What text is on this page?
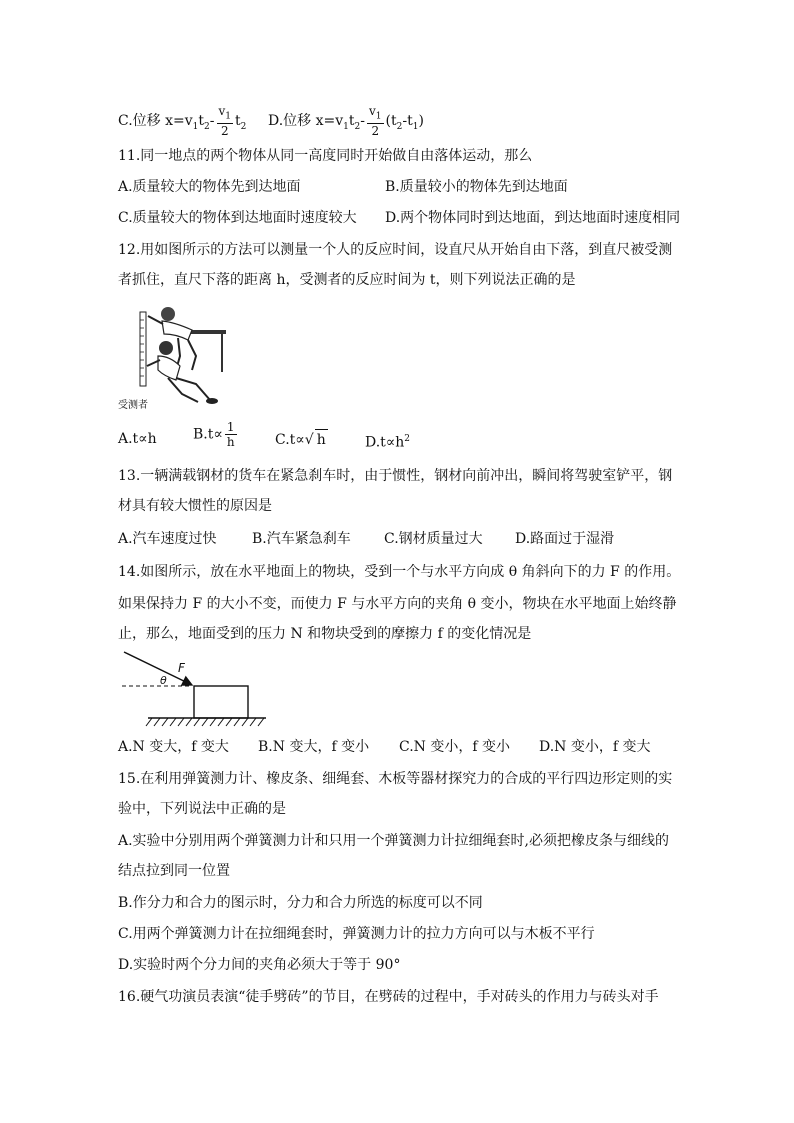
C.位移 $x=v_1t_2- \frac{v_1}{2} t_2$ D.位移 $x=v_1t_2- \frac{v_1}{2} (t_2-t_1)$
11.同一地点的两个物体从同一高度同时开始做自由落体运动，那么
A.质量较大的物体先到达地面	B.质量较小的物体先到达地面
C.质量较大的物体到达地面时速度较大 D.两个物体同时到达地面，到达地面时速度相同
12.用如图所示的方法可以测量一个人的反应时间，设直尺从开始自由下落，到直尺被受测
者抓住，直尺下落的距离 h，受测者的反应时间为 t，则下列说法正确的是
受测者
A.t∝h	$B.t\propto \frac{1}{h}$	C.t∝√ h	$D.t\propto h^2$
13.一辆满载钢材的货车在紧急刹车时，由于惯性，钢材向前冲出，瞬间将驾驶室铲平，钢
材具有较大惯性的原因是
A.汽车速度过快	B.汽车紧急刹车 C.钢材质量过大 D.路面过于湿滑
14.如图所示，放在水平地面上的物块，受到一个与水平方向成 θ 角斜向下的力 F 的作用。
如果保持力 F 的大小不变，而使力 F 与水平方向的夹角 θ 变小，物块在水平地面上始终静
止，那么，地面受到的压力 N 和物块受到的摩擦力 f 的变化情况是
F
θ
A.N 变大，f 变大 B.N 变大，f 变小 C.N 变小，f 变小 D.N 变小，f 变大
15.在利用弹簧测力计、橡皮条、细绳套、木板等器材探究力的合成的平行四边形定则的实
验中，下列说法中正确的是
A.实验中分别用两个弹簧测力计和只用一个弹簧测力计拉细绳套时,必须把橡皮条与细线的
结点拉到同一位置
B.作分力和合力的图示时，分力和合力所选的标度可以不同
C.用两个弹簧测力计在拉细绳套时，弹簧测力计的拉力方向可以与木板不平行
D.实验时两个分力间的夹角必须大于等于 90°
16.硬气功演员表演“徒手劈砖”的节目，在劈砖的过程中，手对砖头的作用力与砖头对手
